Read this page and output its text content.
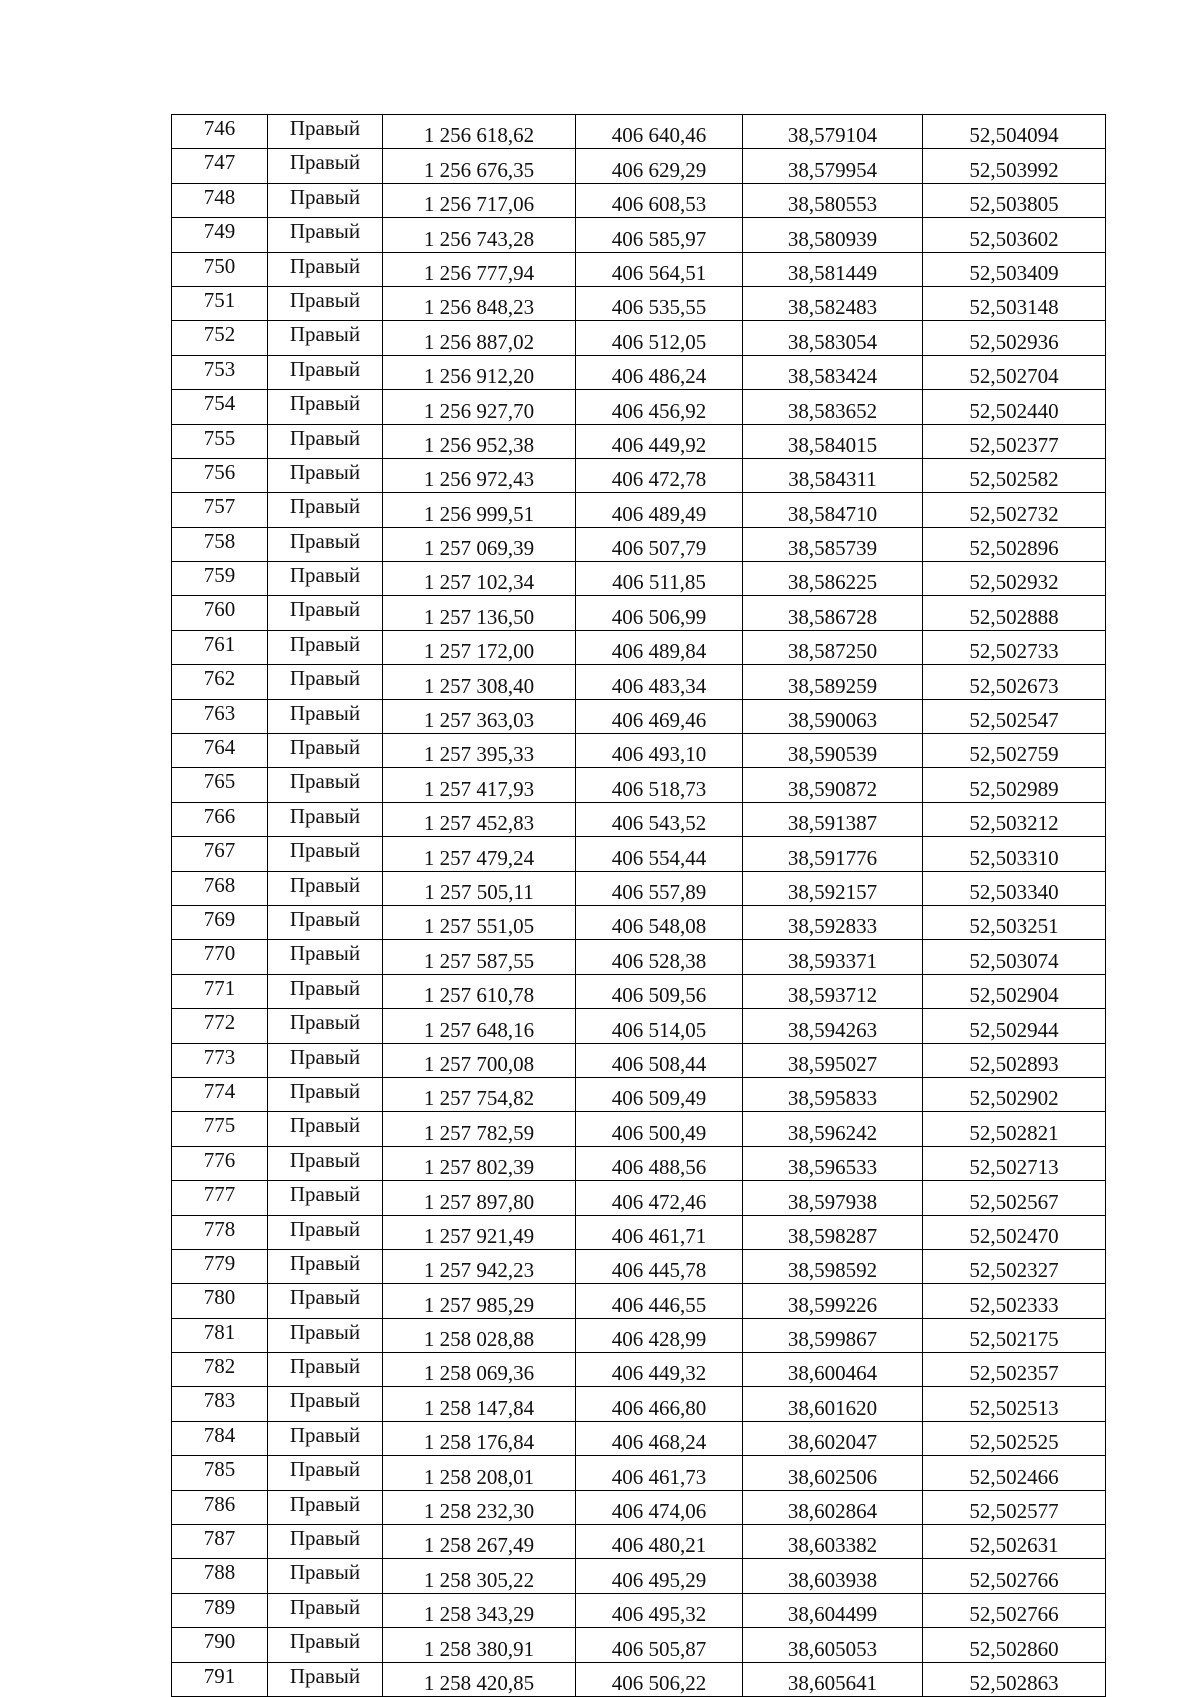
746	Правый	1 256 618,62	406 640,46	38,579104	52,504094
747	Правый	1 256 676,35	406 629,29	38,579954	52,503992
748	Правый	1 256 717,06	406 608,53	38,580553	52,503805
749	Правый	1 256 743,28	406 585,97	38,580939	52,503602
750	Правый	1 256 777,94	406 564,51	38,581449	52,503409
751	Правый	1 256 848,23	406 535,55	38,582483	52,503148
752	Правый	1 256 887,02	406 512,05	38,583054	52,502936
753	Правый	1 256 912,20	406 486,24	38,583424	52,502704
754	Правый	1 256 927,70	406 456,92	38,583652	52,502440
755	Правый	1 256 952,38	406 449,92	38,584015	52,502377
756	Правый	1 256 972,43	406 472,78	38,584311	52,502582
757	Правый	1 256 999,51	406 489,49	38,584710	52,502732
758	Правый	1 257 069,39	406 507,79	38,585739	52,502896
759	Правый	1 257 102,34	406 511,85	38,586225	52,502932
760	Правый	1 257 136,50	406 506,99	38,586728	52,502888
761	Правый	1 257 172,00	406 489,84	38,587250	52,502733
762	Правый	1 257 308,40	406 483,34	38,589259	52,502673
763	Правый	1 257 363,03	406 469,46	38,590063	52,502547
764	Правый	1 257 395,33	406 493,10	38,590539	52,502759
765	Правый	1 257 417,93	406 518,73	38,590872	52,502989
766	Правый	1 257 452,83	406 543,52	38,591387	52,503212
767	Правый	1 257 479,24	406 554,44	38,591776	52,503310
768	Правый	1 257 505,11	406 557,89	38,592157	52,503340
769	Правый	1 257 551,05	406 548,08	38,592833	52,503251
770	Правый	1 257 587,55	406 528,38	38,593371	52,503074
771	Правый	1 257 610,78	406 509,56	38,593712	52,502904
772	Правый	1 257 648,16	406 514,05	38,594263	52,502944
773	Правый	1 257 700,08	406 508,44	38,595027	52,502893
774	Правый	1 257 754,82	406 509,49	38,595833	52,502902
775	Правый	1 257 782,59	406 500,49	38,596242	52,502821
776	Правый	1 257 802,39	406 488,56	38,596533	52,502713
777	Правый	1 257 897,80	406 472,46	38,597938	52,502567
778	Правый	1 257 921,49	406 461,71	38,598287	52,502470
779	Правый	1 257 942,23	406 445,78	38,598592	52,502327
780	Правый	1 257 985,29	406 446,55	38,599226	52,502333
781	Правый	1 258 028,88	406 428,99	38,599867	52,502175
782	Правый	1 258 069,36	406 449,32	38,600464	52,502357
783	Правый	1 258 147,84	406 466,80	38,601620	52,502513
784	Правый	1 258 176,84	406 468,24	38,602047	52,502525
785	Правый	1 258 208,01	406 461,73	38,602506	52,502466
786	Правый	1 258 232,30	406 474,06	38,602864	52,502577
787	Правый	1 258 267,49	406 480,21	38,603382	52,502631
788	Правый	1 258 305,22	406 495,29	38,603938	52,502766
789	Правый	1 258 343,29	406 495,32	38,604499	52,502766
790	Правый	1 258 380,91	406 505,87	38,605053	52,502860
791	Правый	1 258 420,85	406 506,22	38,605641	52,502863
